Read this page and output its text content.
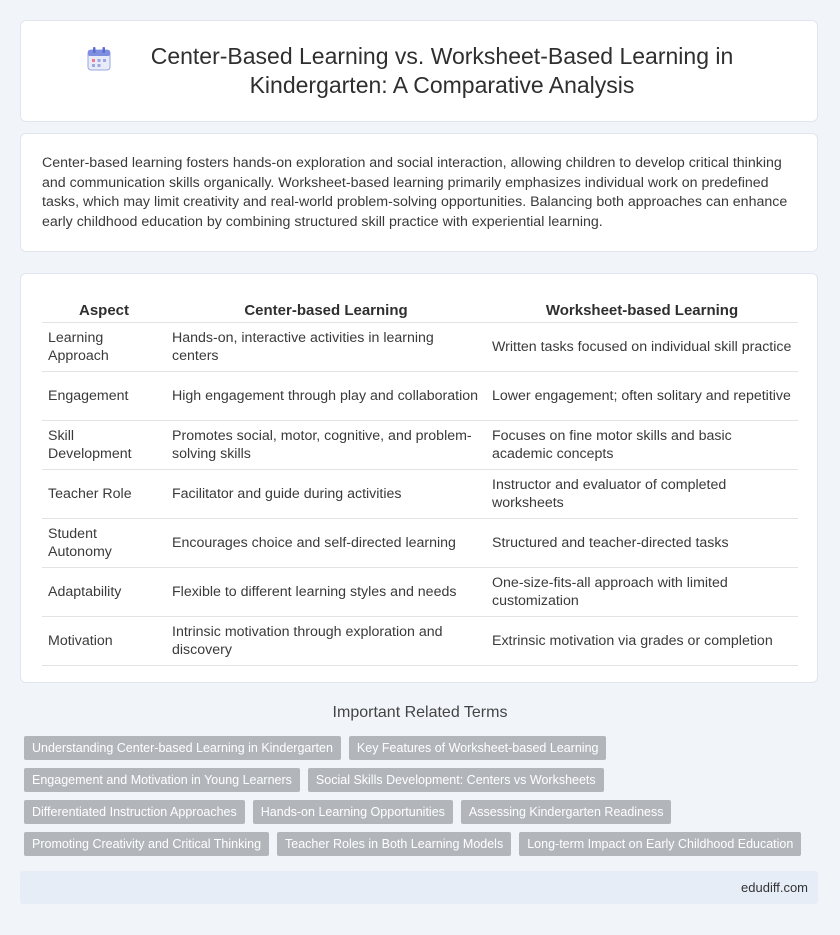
Center-Based Learning vs. Worksheet-Based Learning in Kindergarten: A Comparative Analysis

Center-based learning fosters hands-on exploration and social interaction, allowing children to develop critical thinking and communication skills organically. Worksheet-based learning primarily emphasizes individual work on predefined tasks, which may limit creativity and real-world problem-solving opportunities. Balancing both approaches can enhance early childhood education by combining structured skill practice with experiential learning.

Aspect	Center-based Learning	Worksheet-based Learning
Learning Approach	Hands-on, interactive activities in learning centers	Written tasks focused on individual skill practice
Engagement	High engagement through play and collaboration	Lower engagement; often solitary and repetitive
Skill Development	Promotes social, motor, cognitive, and problem-solving skills	Focuses on fine motor skills and basic academic concepts
Teacher Role	Facilitator and guide during activities	Instructor and evaluator of completed worksheets
Student Autonomy	Encourages choice and self-directed learning	Structured and teacher-directed tasks
Adaptability	Flexible to different learning styles and needs	One-size-fits-all approach with limited customization
Motivation	Intrinsic motivation through exploration and discovery	Extrinsic motivation via grades or completion
Important Related Terms
Understanding Center-based Learning in Kindergarten	Key Features of Worksheet-based Learning
Engagement and Motivation in Young Learners	Social Skills Development: Centers vs Worksheets
Differentiated Instruction Approaches	Hands-on Learning Opportunities	Assessing Kindergarten Readiness
Promoting Creativity and Critical Thinking	Teacher Roles in Both Learning Models	Long-term Impact on Early Childhood Education
edudiff.com
